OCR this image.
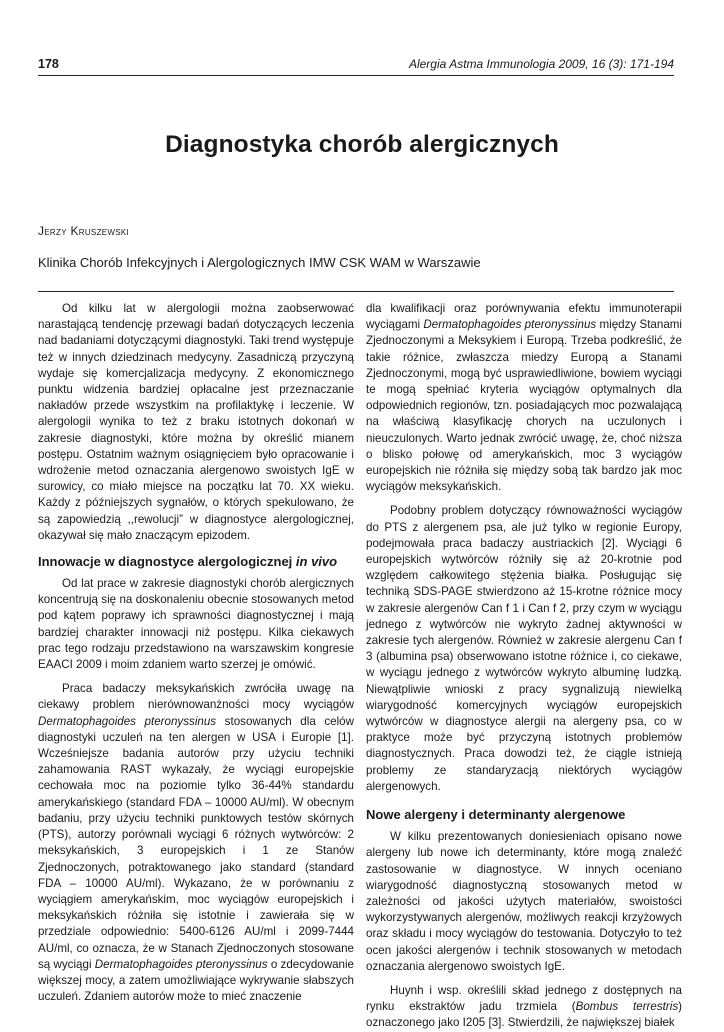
178	Alergia Astma Immunologia 2009, 16 (3): 171-194
Diagnostyka chorób alergicznych
Jerzy Kruszewski
Klinika Chorób Infekcyjnych i Alergologicznych IMW CSK WAM w Warszawie

Od kilku lat w alergologii można zaobserwować narastającą tendencję przewagi badań dotyczących leczenia nad badaniami dotyczącymi diagnostyki. Taki trend występuje też w innych dziedzinach medycyny. Zasadniczą przyczyną wydaje się komercjalizacja medycyny. Z ekonomicznego punktu widzenia bardziej opłacalne jest przeznaczanie nakładów przede wszystkim na profilaktykę i leczenie. W alergologii wynika to też z braku istotnych dokonań w zakresie diagnostyki, które można by określić mianem postępu. Ostatnim ważnym osiągnięciem było opracowanie i wdrożenie metod oznaczania alergenowo swoistych IgE w surowicy, co miało miejsce na początku lat 70. XX wieku. Każdy z późniejszych sygnałów, o których spekulowano, że są zapowiedzią ,,rewolucji” w diagnostyce alergologicznej, okazywał się mało znaczącym epizodem.

Innowacje w diagnostyce alergologicznej in vivo

Od lat prace w zakresie diagnostyki chorób alergicznych koncentrują się na doskonaleniu obecnie stosowanych metod pod kątem poprawy ich sprawności diagnostycznej i mają bardziej charakter innowacji niż postępu. Kilka ciekawych prac tego rodzaju przedstawiono na warszawskim kongresie EAACI 2009 i moim zdaniem warto szerzej je omówić.

Praca badaczy meksykańskich zwróciła uwagę na ciekawy problem nierównowanżności mocy wyciągów Dermatophagoides pteronyssinus stosowanych dla celów diagnostyki uczuleń na ten alergen w USA i Europie [1]. Wcześniejsze badania autorów przy użyciu techniki zahamowania RAST wykazały, że wyciągi europejskie cechowała moc na poziomie tylko 36-44% standardu amerykańskiego (standard FDA – 10000 AU/ml). W obecnym badaniu, przy użyciu techniki punktowych testów skórnych (PTS), autorzy porównali wyciągi 6 różnych wytwórców: 2 meksykańskich, 3 europejskich i 1 ze Stanów Zjednoczonych, potraktowanego jako standard (standard FDA – 10000 AU/ml). Wykazano, że w porównaniu z wyciągiem amerykańskim, moc wyciągów europejskich i meksykańskich różniła się istotnie i zawierała się w przedziale odpowiednio: 5400-6126 AU/ml i 2099-7444 AU/ml, co oznacza, że w Stanach Zjednoczonych stosowane są wyciągi Dermatophagoides pteronyssinus o zdecydowanie większej mocy, a zatem umożliwiające wykrywanie słabszych uczuleń. Zdaniem autorów może to mieć znaczenie

dla kwalifikacji oraz porównywania efektu immunoterapii wyciągami Dermatophagoides pteronyssinus między Stanami Zjednoczonymi a Meksykiem i Europą. Trzeba podkreślić, że takie różnice, zwłaszcza miedzy Europą a Stanami Zjednoczonymi, mogą być usprawiedliwione, bowiem wyciągi te mogą spełniać kryteria wyciągów optymalnych dla odpowiednich regionów, tzn. posiadających moc pozwalającą na właściwą klasyfikację chorych na uczulonych i nieuczulonych. Warto jednak zwrócić uwagę, że, choć niższa o blisko połowę od amerykańskich, moc 3 wyciągów europejskich nie różniła się między sobą tak bardzo jak moc wyciągów meksykańskich.

Podobny problem dotyczący równoważności wyciągów do PTS z alergenem psa, ale już tylko w regionie Europy, podejmowała praca badaczy austriackich [2]. Wyciągi 6 europejskich wytwórców różniły się aż 20-krotnie pod względem całkowitego stężenia białka. Posługując się techniką SDS-PAGE stwierdzono aż 15-krotne różnice mocy w zakresie alergenów Can f 1 i Can f 2, przy czym w wyciągu jednego z wytwórców nie wykryto żadnej aktywności w zakresie tych alergenów. Również w zakresie alergenu Can f 3 (albumina psa) obserwowano istotne różnice i, co ciekawe, w wyciągu jednego z wytwórców wykryto albuminę ludzką. Niewątpliwie wnioski z pracy sygnalizują niewielką wiarygodność komercyjnych wyciągów europejskich wytwórców w diagnostyce alergii na alergeny psa, co w praktyce może być przyczyną istotnych problemów diagnostycznych. Praca dowodzi też, że ciągle istnieją problemy ze standaryzacją niektórych wyciągów alergenowych.

Nowe alergeny i determinanty alergenowe

W kilku prezentowanych doniesieniach opisano nowe alergeny lub nowe ich determinanty, które mogą znaleźć zastosowanie w diagnostyce. W innych oceniano wiarygodność diagnostyczną stosowanych metod w zależności od jakości użytych materiałów, swoistości wykorzystywanych alergenów, możliwych reakcji krzyżowych oraz składu i mocy wyciągów do testowania. Dotyczyło to też ocen jakości alergenów i technik stosowanych w metodach oznaczania alergenowo swoistych IgE.

Huynh i wsp. określili skład jednego z dostępnych na rynku ekstraktów jadu trzmiela (Bombus terrestris) oznaczonego jako I205 [3]. Stwierdzili, że największej białek
